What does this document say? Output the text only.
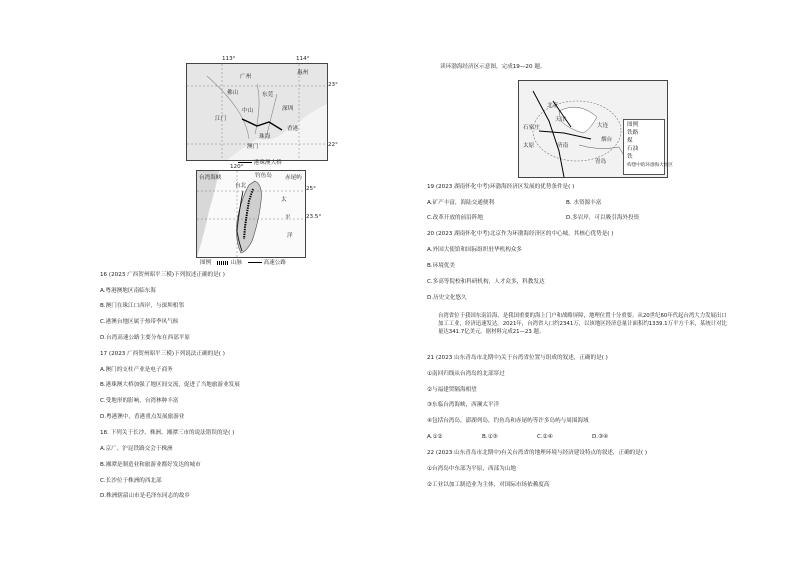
广州
惠州
东莞
深圳
佛山
中山
江门
珠海
香港
澳门
113°	114°
23°
22°
港珠澳大桥
台湾海峡
台北
钓鱼岛 赤尾屿
太
平
洋
120°
25°
23.5°
图例	山脉	高速公路
16 (2023 广西贺州昭平三模)下列叙述正确的是( )
A.粤港澳地区南临东海
B.澳门在珠江口西岸，与深圳相邻
C.港澳台地区属于热带季风气候
D.台湾高速公路主要分布在西部平原
17 (2023 广西贺州昭平三模)下列说法正确的是( )
A.澳门的支柱产业是电子商务
B.港珠澳大桥加强了地区间交流，促进了当地旅游业发展
C.受地形的影响，台湾林种丰富
D.粤港澳中，香港重点发展旅游业
18. 下列关于长沙、株洲、湘潭三市的说法错误的是( )
A.京广、沪昆铁路交会于株洲
B.湘潭是制造业和旅游业都好发达的城市
C.长沙位于株洲的西北部
D.株洲辖韶山市是毛泽东同志的故乡
读环渤海经济区示意图，完成19—20 题。
北京
天津
大连
烟台
青岛
济南
石家庄
太原
图例
铁路
煤
石油
铁
构想中的环渤海大经区
19 (2023 湖南怀化中考)环渤海经济区发展的优势条件是( )
A.矿产丰富，海陆交通便利	B. 水资源丰富
C.改革开放的前沿阵地	D.多岩岸，可以吸引海外投资
20 (2023 湖南怀化中考)北京作为环渤海经济区的中心城，其核心优势是( )
A.外国大使馆和国际组织驻华机构众多
B.环境优美
C.多高等院校和科研机构，人才众多，科教发达
D.历史文化悠久
台湾省位于我国东南沿海，是我国重要的海上门户和战略屏障，地理位置十分重要。从20世纪60年代起台湾大力发展出口加工工业，经济迅速发达。2021年，台湾省人口约2341万，以该地区经济总量计面积约1339.1万平方千米，某统计对比量达341.7亿美元。据材料完成21—23 题。
21 (2023 山东青岛市北期中)关于台湾省位置与组成的叙述，正确的是( )
①南回归线从台湾岛的北部穿过
②与福建贸隔海相望
③东临台湾海峡，西濒太平洋
④包括台湾岛，澎湖列岛，钓鱼岛和赤尾屿等许多岛屿与周围海域
A.①②	B.①③	C.②④	D.③④
22 (2023 山东青岛市北期中)有关台湾省的地理环境与经济建设特点的叙述，正确的是( )
①台湾岛中东部为平原，西部为山地
②工业以加工制造业为主体，对国际市场依赖度高
